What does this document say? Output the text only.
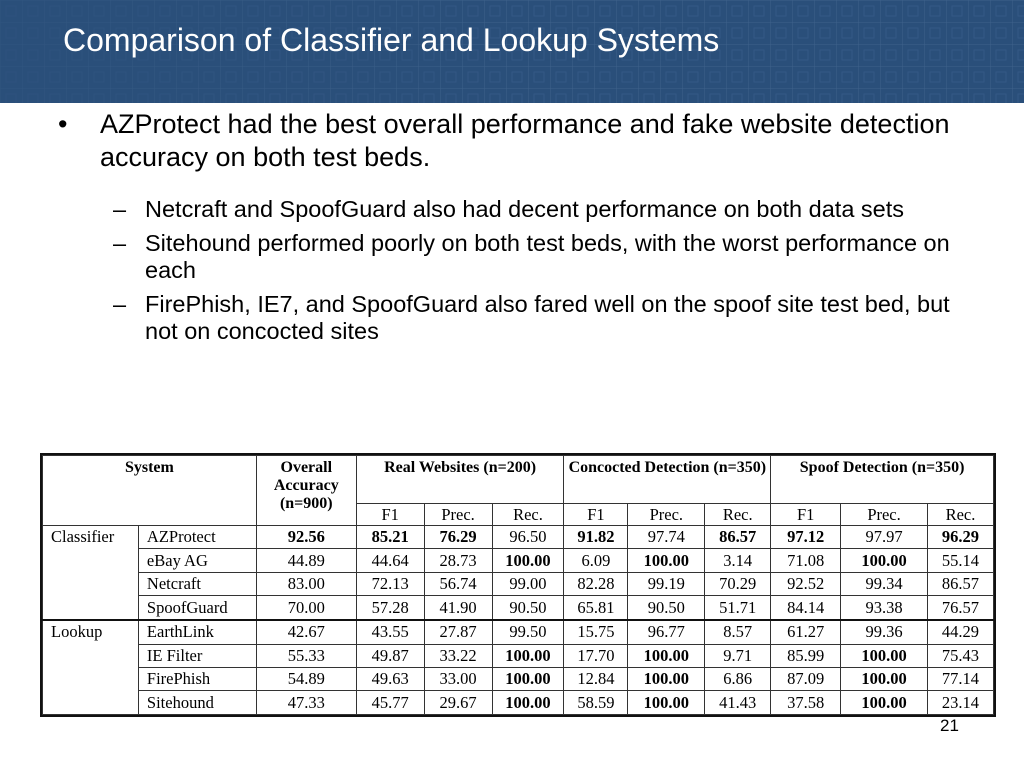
Comparison of Classifier and Lookup Systems
• AZProtect had the best overall performance and fake website detection accuracy on both test beds.
– Netcraft and SpoofGuard also had decent performance on both data sets
– Sitehound performed poorly on both test beds, with the worst performance on each
– FirePhish, IE7, and SpoofGuard also fared well on the spoof site test bed, but not on concocted sites
System		Overall Accuracy (n=900)	Real Websites (n=200)			Concocted Detection (n=350)			Spoof Detection (n=350)		
			F1	Prec.	Rec.	F1	Prec.	Rec.	F1	Prec.	Rec.
Classifier	AZProtect	92.56	85.21	76.29	96.50	91.82	97.74	86.57	97.12	97.97	96.29
	eBay AG	44.89	44.64	28.73	100.00	6.09	100.00	3.14	71.08	100.00	55.14
	Netcraft	83.00	72.13	56.74	99.00	82.28	99.19	70.29	92.52	99.34	86.57
	SpoofGuard	70.00	57.28	41.90	90.50	65.81	90.50	51.71	84.14	93.38	76.57
Lookup	EarthLink	42.67	43.55	27.87	99.50	15.75	96.77	8.57	61.27	99.36	44.29
	IE Filter	55.33	49.87	33.22	100.00	17.70	100.00	9.71	85.99	100.00	75.43
	FirePhish	54.89	49.63	33.00	100.00	12.84	100.00	6.86	87.09	100.00	77.14
	Sitehound	47.33	45.77	29.67	100.00	58.59	100.00	41.43	37.58	100.00	23.14
21
